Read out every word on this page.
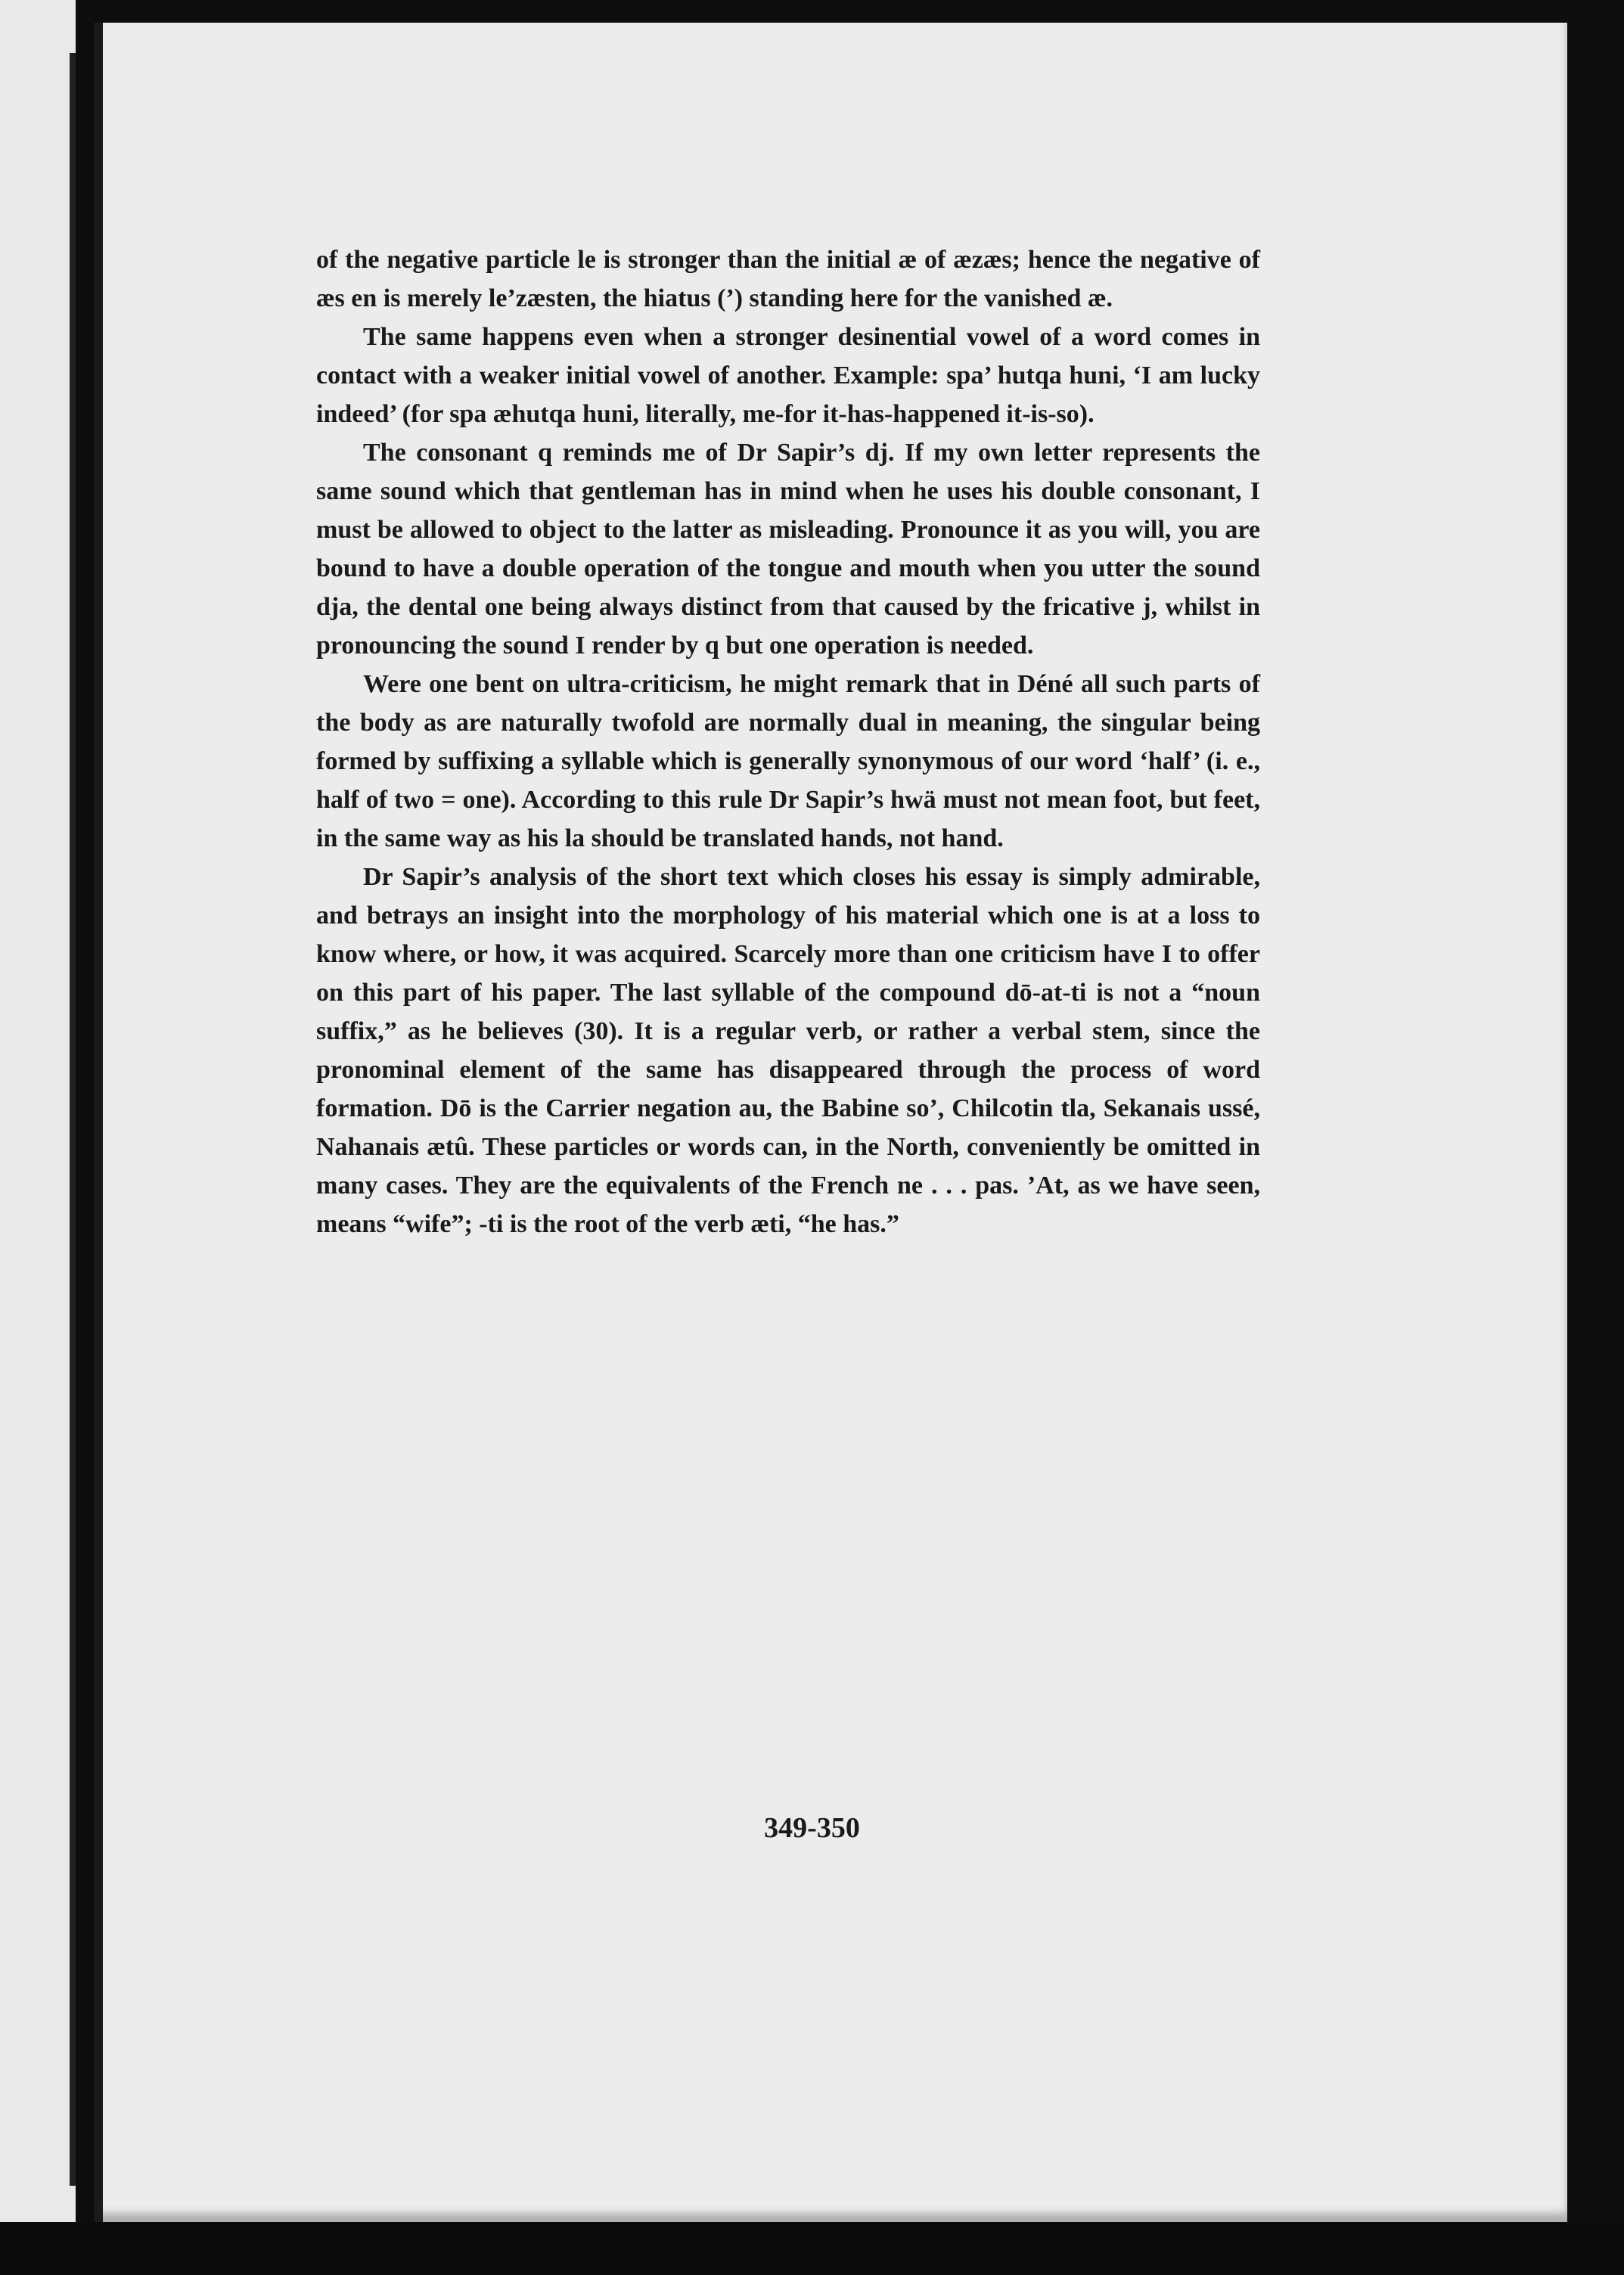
of the negative particle le is stronger than the initial æ of æzæs; hence the negative of æs en is merely le’zæsten, the hiatus (’) standing here for the vanished æ.

The same happens even when a stronger desinential vowel of a word comes in contact with a weaker initial vowel of another. Example: spa’ hutqa huni, ‘I am lucky indeed’ (for spa æhutqa huni, literally, me-for it-has-happened it-is-so).

The consonant q reminds me of Dr Sapir’s dj. If my own letter represents the same sound which that gentleman has in mind when he uses his double consonant, I must be allowed to object to the latter as misleading. Pronounce it as you will, you are bound to have a double operation of the tongue and mouth when you utter the sound dja, the dental one being always distinct from that caused by the fricative j, whilst in pronouncing the sound I render by q but one operation is needed.

Were one bent on ultra-criticism, he might remark that in Déné all such parts of the body as are naturally twofold are normally dual in meaning, the singular being formed by suffixing a syllable which is generally synonymous of our word ‘half’ (i. e., half of two = one). According to this rule Dr Sapir’s hwä must not mean foot, but feet, in the same way as his la should be translated hands, not hand.

Dr Sapir’s analysis of the short text which closes his essay is simply admirable, and betrays an insight into the morphology of his material which one is at a loss to know where, or how, it was acquired. Scarcely more than one criticism have I to offer on this part of his paper. The last syllable of the compound dō-at-ti is not a “noun suffix,” as he believes (30). It is a regular verb, or rather a verbal stem, since the pronominal element of the same has disappeared through the process of word formation. Dō is the Carrier negation au, the Babine so’, Chilcotin tla, Sekanais ussé, Nahanais ætû. These particles or words can, in the North, conveniently be omitted in many cases. They are the equivalents of the French ne . . . pas. ’At, as we have seen, means “wife”; -ti is the root of the verb æti, “he has.”

349-350
